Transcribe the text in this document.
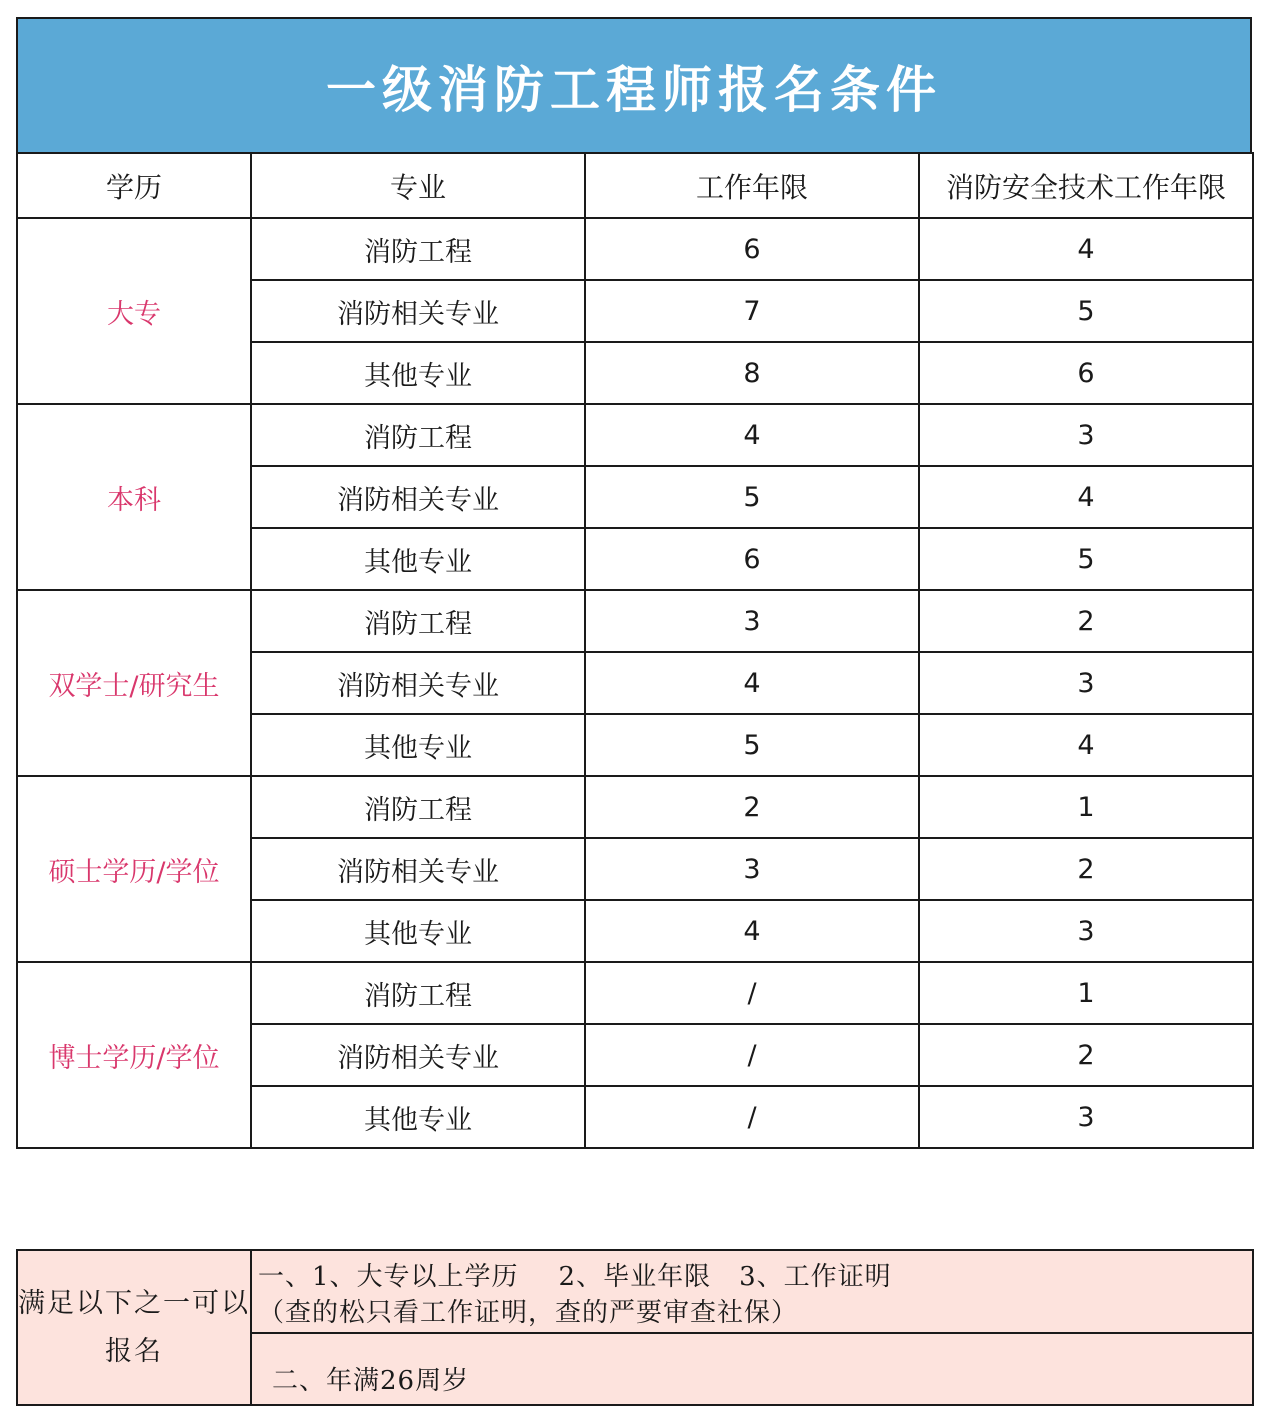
一级消防工程师报名条件
学历	专业	工作年限	消防安全技术工作年限
大专	消防工程	6	4
	消防相关专业	7	5
	其他专业	8	6
本科	消防工程	4	3
	消防相关专业	5	4
	其他专业	6	5
双学士/研究生	消防工程	3	2
	消防相关专业	4	3
	其他专业	5	4
硕士学历/学位	消防工程	2	1
	消防相关专业	3	2
	其他专业	4	3
博士学历/学位	消防工程	/	1
	消防相关专业	/	2
	其他专业	/	3
满足以下之一可以报名	一、1、大专以上学历 2、毕业年限 3、工作证明
（查的松只看工作证明，查的严要审查社保）
二、年满26周岁
